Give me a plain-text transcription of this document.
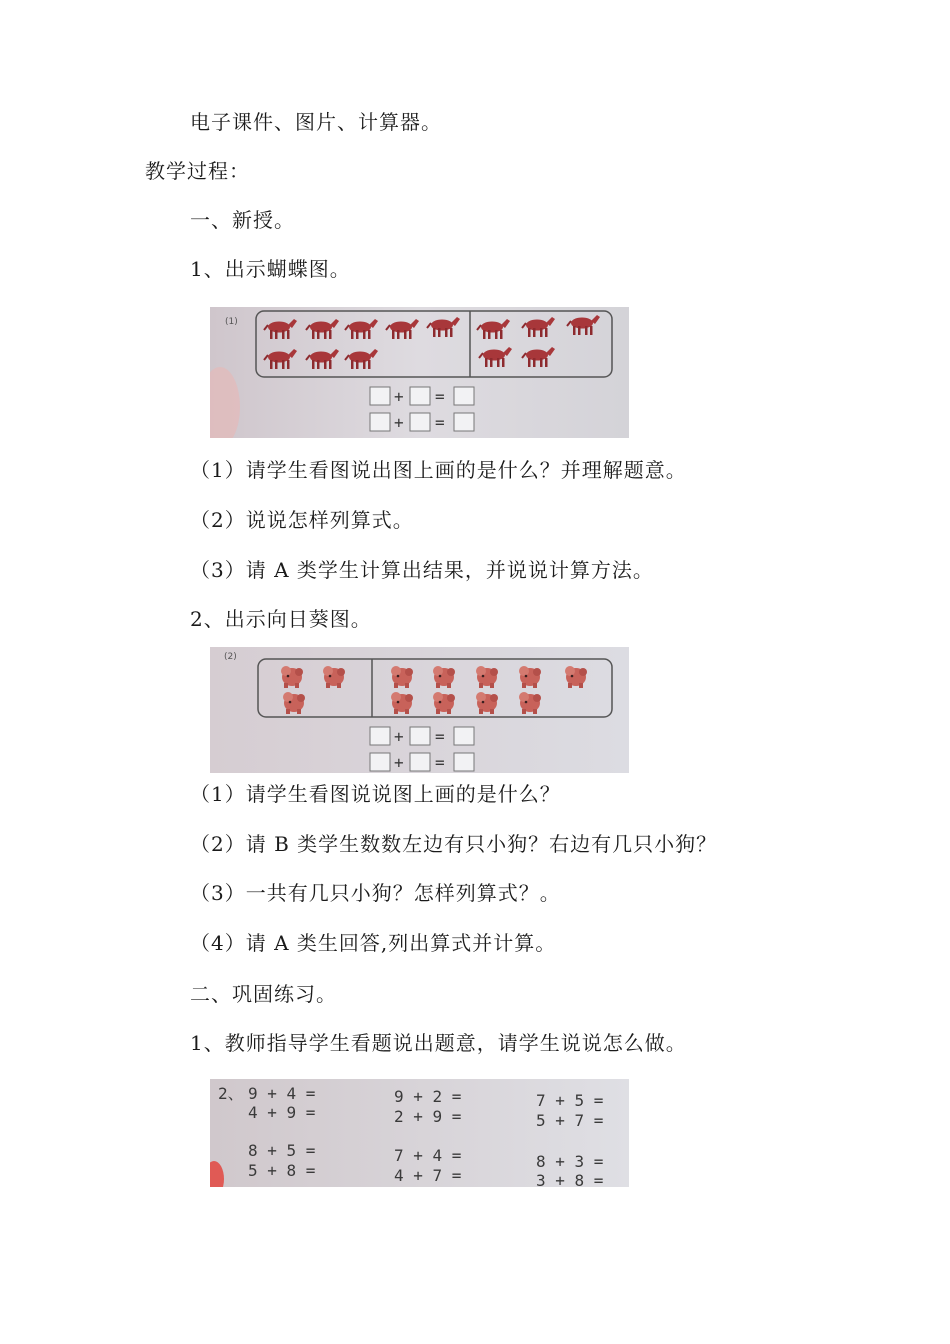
电子课件、图片、计算器。
教学过程：
一、新授。
1、出示蝴蝶图。
(1)
+ =
+ =
（1）请学生看图说出图上画的是什么？并理解题意。
（2）说说怎样列算式。
（3）请 A 类学生计算出结果，并说说计算方法。
2、出示向日葵图。
(2)
+ =
+ =
（1）请学生看图说说图上画的是什么？
（2）请 B 类学生数数左边有只小狗？右边有几只小狗？
（3）一共有几只小狗？怎样列算式？。
（4）请 A 类生回答,列出算式并计算。
二、巩固练习。
1、教师指导学生看题说出题意，请学生说说怎么做。
2、 9 + 4 =
4 + 9 =
8 + 5 =
5 + 8 =
9 + 2 =
2 + 9 =
7 + 4 =
4 + 7 =
7 + 5 =
5 + 7 =
8 + 3 =
3 + 8 =
